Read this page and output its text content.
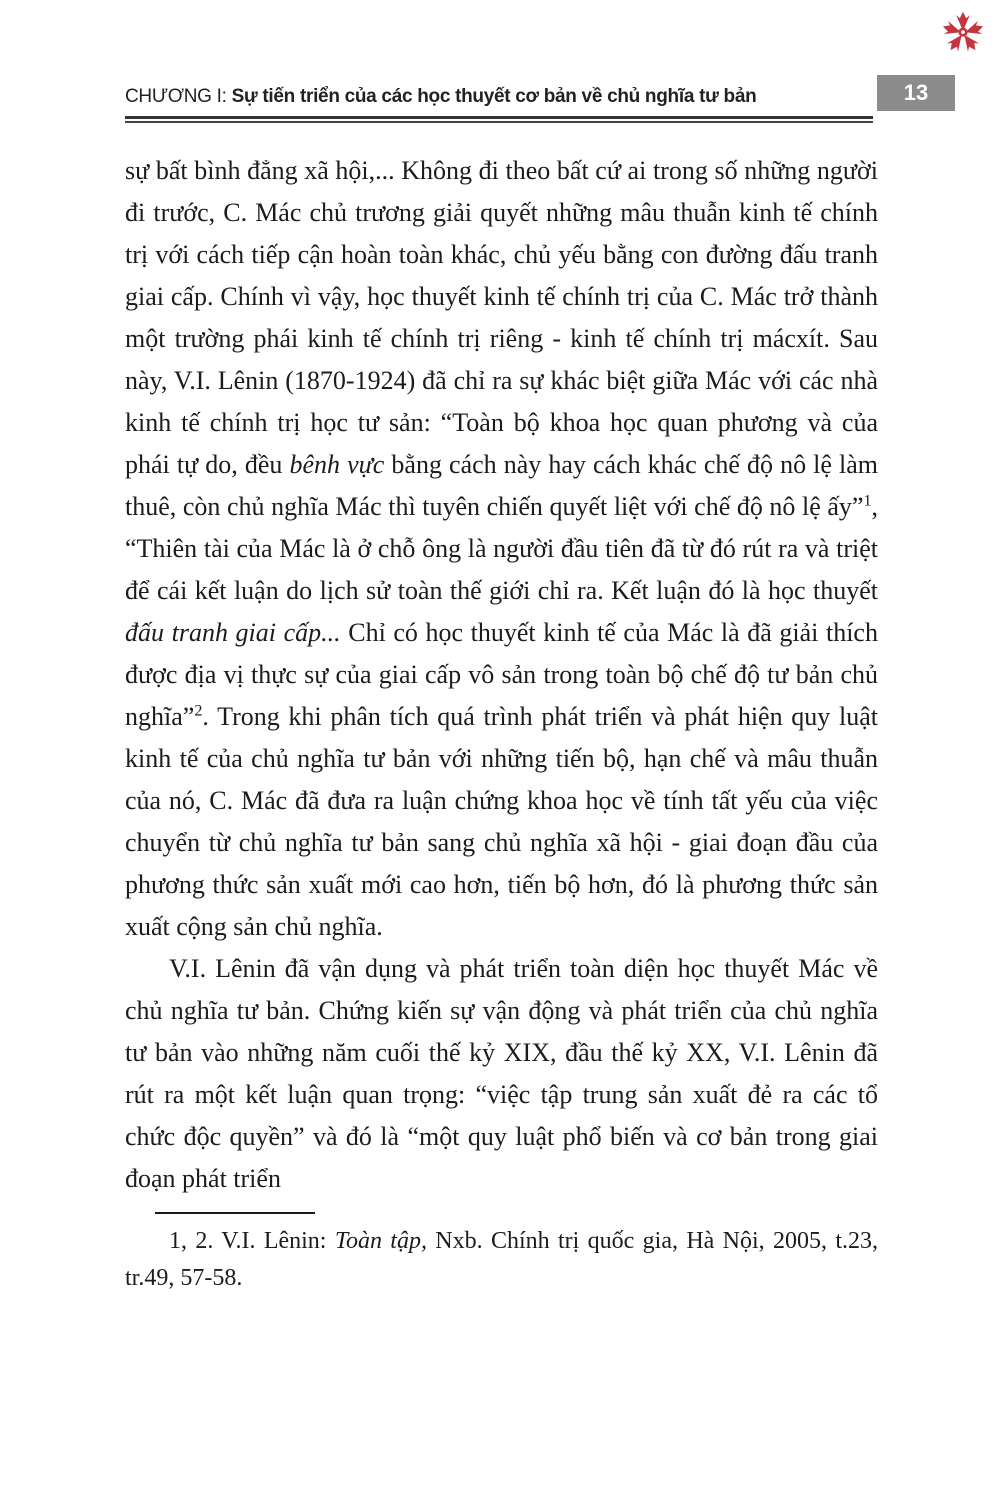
CHƯƠNG I: Sự tiến triển của các học thuyết cơ bản về chủ nghĩa tư bản	13

sự bất bình đẳng xã hội,... Không đi theo bất cứ ai trong số những người đi trước, C. Mác chủ trương giải quyết những mâu thuẫn kinh tế chính trị với cách tiếp cận hoàn toàn khác, chủ yếu bằng con đường đấu tranh giai cấp. Chính vì vậy, học thuyết kinh tế chính trị của C. Mác trở thành một trường phái kinh tế chính trị riêng - kinh tế chính trị mácxít. Sau này, V.I. Lênin (1870-1924) đã chỉ ra sự khác biệt giữa Mác với các nhà kinh tế chính trị học tư sản: “Toàn bộ khoa học quan phương và của phái tự do, đều bênh vực bằng cách này hay cách khác chế độ nô lệ làm thuê, còn chủ nghĩa Mác thì tuyên chiến quyết liệt với chế độ nô lệ ấy”$^1$, “Thiên tài của Mác là ở chỗ ông là người đầu tiên đã từ đó rút ra và triệt để cái kết luận do lịch sử toàn thế giới chỉ ra. Kết luận đó là học thuyết đấu tranh giai cấp... Chỉ có học thuyết kinh tế của Mác là đã giải thích được địa vị thực sự của giai cấp vô sản trong toàn bộ chế độ tư bản chủ nghĩa”$^2$. Trong khi phân tích quá trình phát triển và phát hiện quy luật kinh tế của chủ nghĩa tư bản với những tiến bộ, hạn chế và mâu thuẫn của nó, C. Mác đã đưa ra luận chứng khoa học về tính tất yếu của việc chuyển từ chủ nghĩa tư bản sang chủ nghĩa xã hội - giai đoạn đầu của phương thức sản xuất mới cao hơn, tiến bộ hơn, đó là phương thức sản xuất cộng sản chủ nghĩa.

V.I. Lênin đã vận dụng và phát triển toàn diện học thuyết Mác về chủ nghĩa tư bản. Chứng kiến sự vận động và phát triển của chủ nghĩa tư bản vào những năm cuối thế kỷ XIX, đầu thế kỷ XX, V.I. Lênin đã rút ra một kết luận quan trọng: “việc tập trung sản xuất đẻ ra các tổ chức độc quyền” và đó là “một quy luật phổ biến và cơ bản trong giai đoạn phát triển

1, 2. V.I. Lênin: Toàn tập, Nxb. Chính trị quốc gia, Hà Nội, 2005, t.23, tr.49, 57-58.
